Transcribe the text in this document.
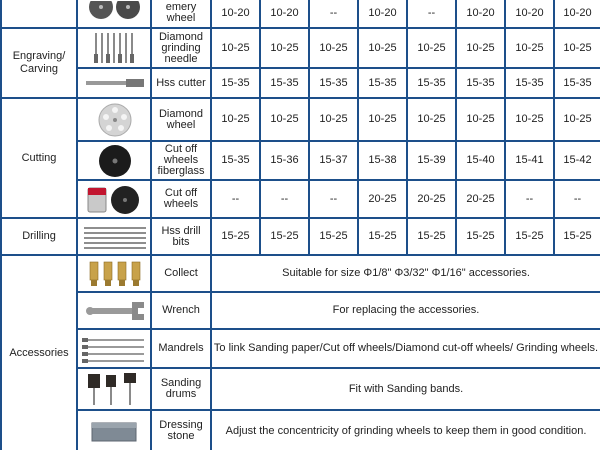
	emery wheel	10-20	10-20	--	10-20	--	10-20	10-20	10-20
Engraving/ Carving		Diamond grinding needle	10-25	10-25	10-25	10-25	10-25	10-25	10-25	10-25

	Hss cutter	15-35	15-35	15-35	15-35	15-35	15-35	15-35	15-35
Cutting		Diamond wheel	10-25	10-25	10-25	10-25	10-25	10-25	10-25	10-25

	Cut off wheels fiberglass	15-35	15-36	15-37	15-38	15-39	15-40	15-41	15-42

	Cut off wheels	--	--	--	20-25	20-25	20-25	--	--
Drilling		Hss drill bits	15-25	15-25	15-25	15-25	15-25	15-25	15-25	15-25
Accessories		Collect	Suitable for size Φ1/8" Φ3/32" Φ1/16" accessories.							

	Wrench	For replacing the accessories.							

	Mandrels	To link Sanding paper/Cut off wheels/Diamond cut-off wheels/ Grinding wheels.							

	Sanding drums	Fit with Sanding bands.							

	Dressing stone	Adjust the concentricity of grinding wheels to keep them in good condition.							
